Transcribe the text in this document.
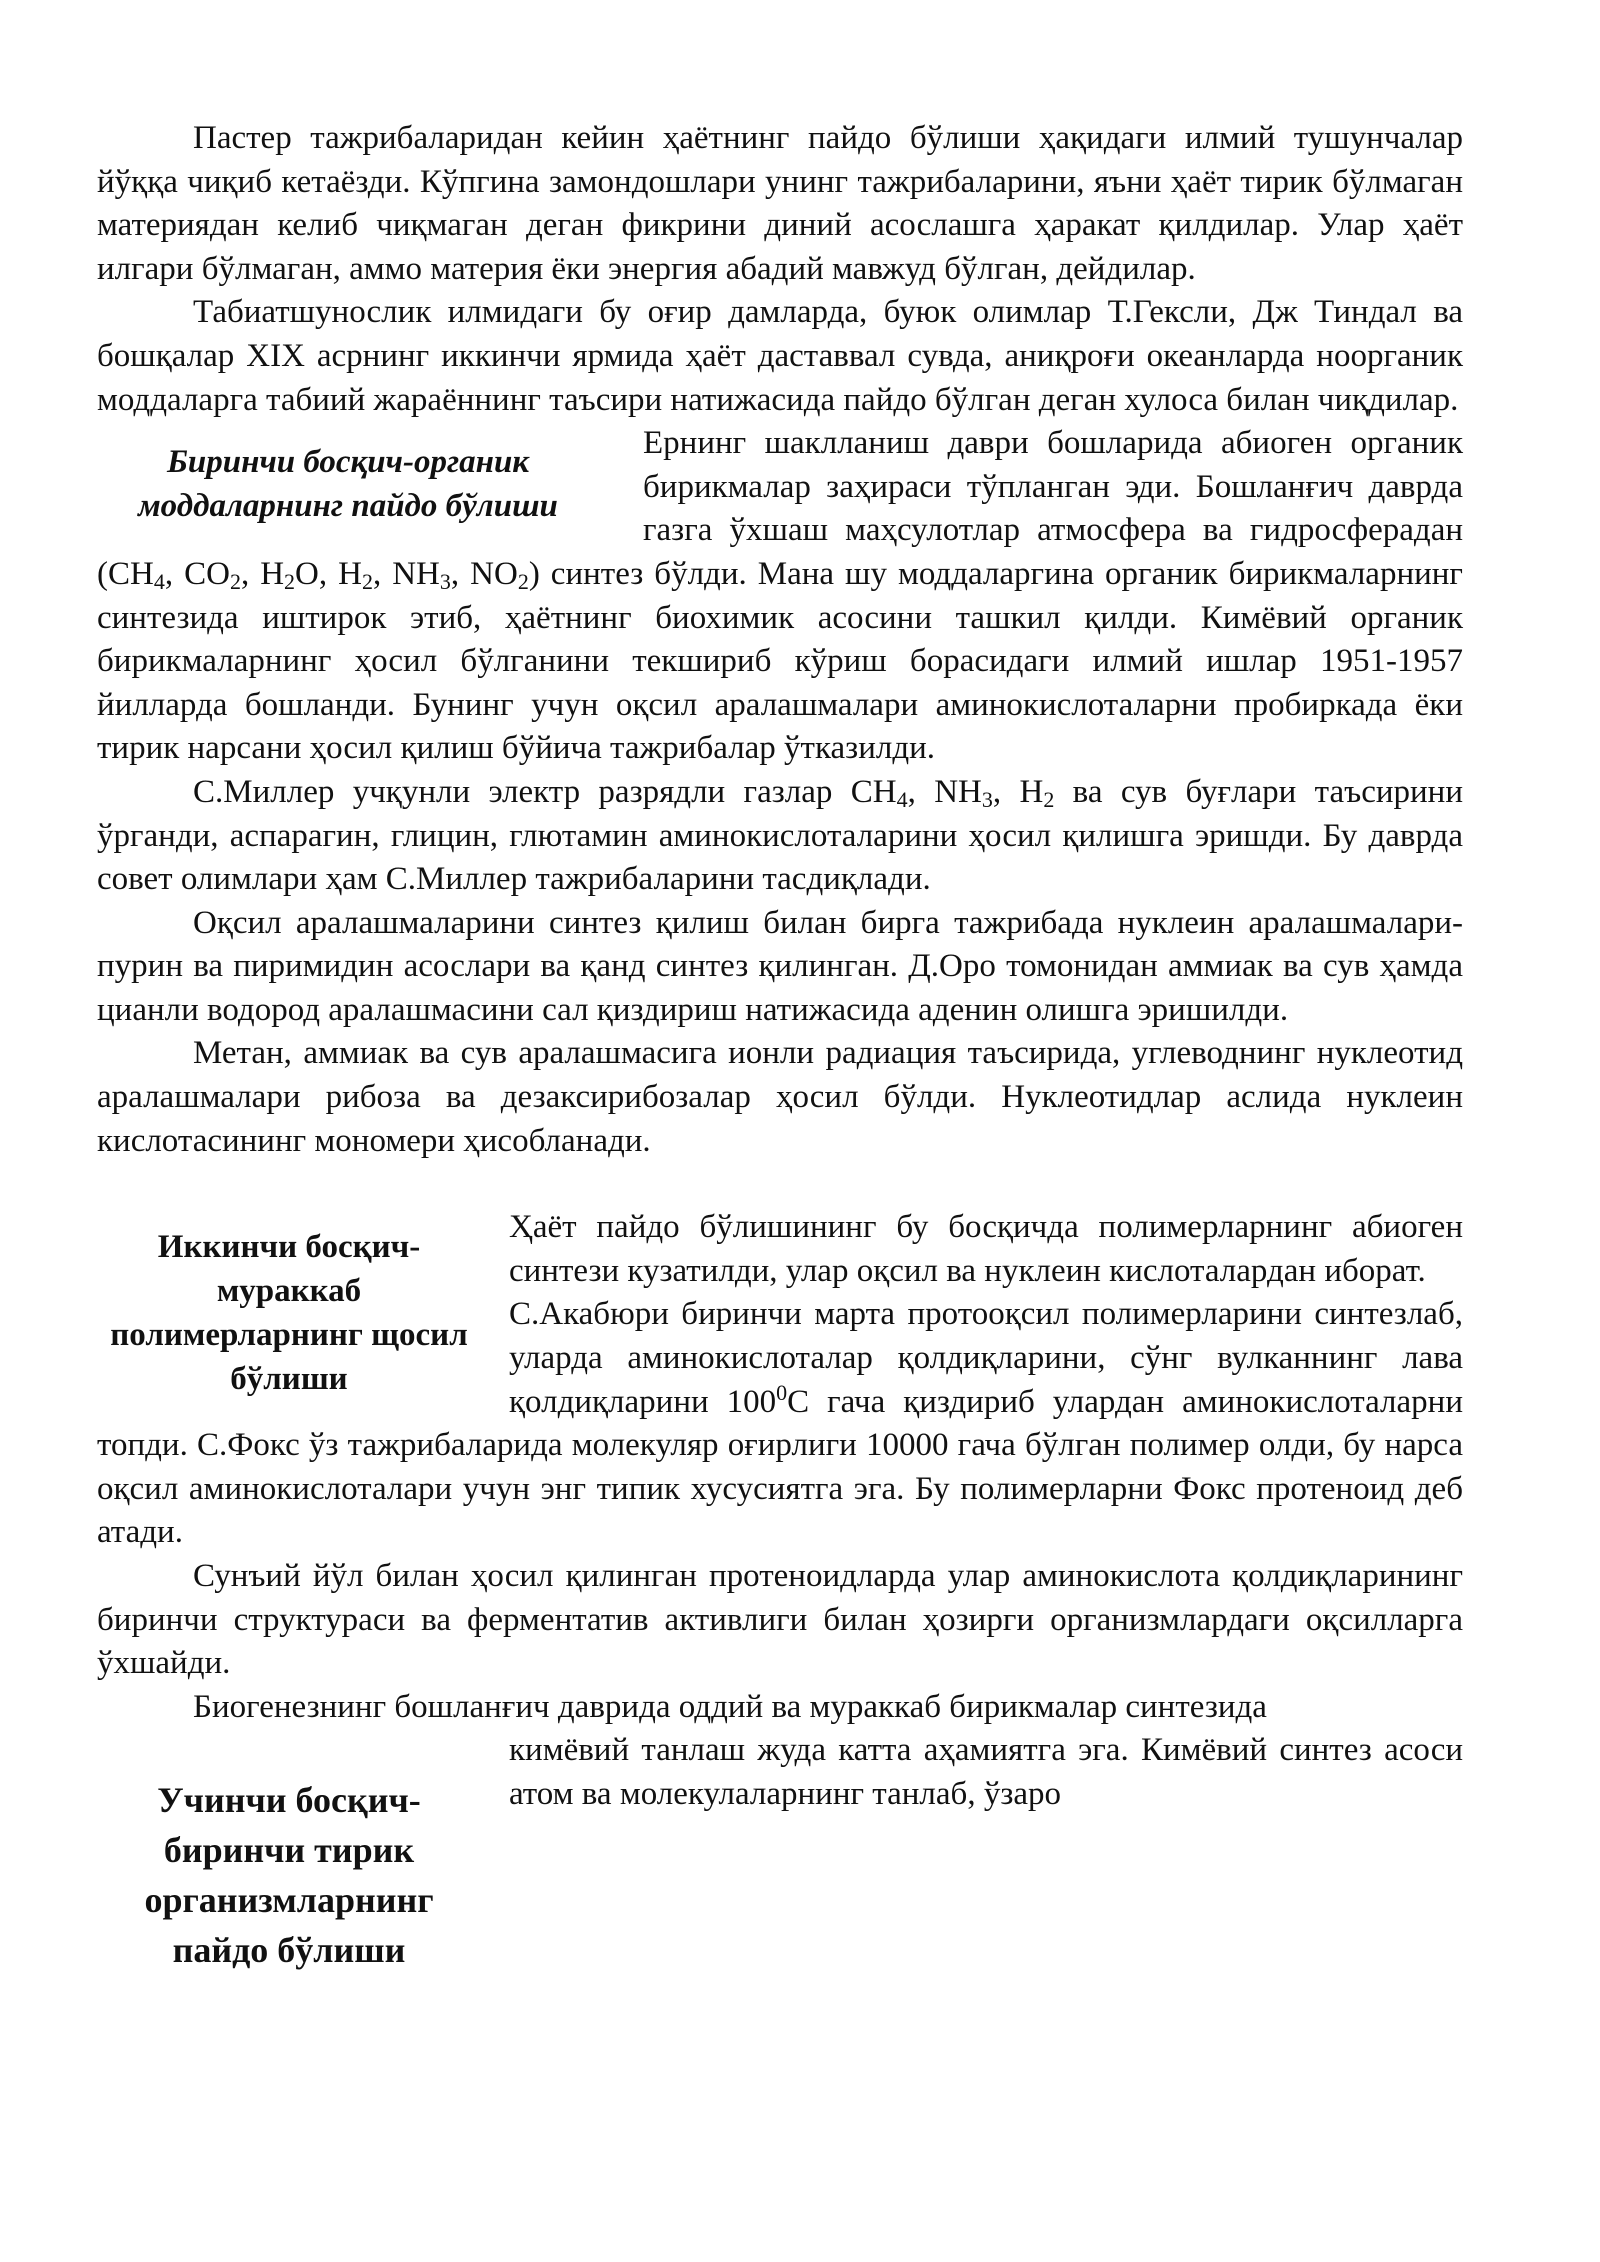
Пастер тажрибаларидан кейин ҳаётнинг пайдо бўлиши ҳақидаги илмий тушунчалар йўққа чиқиб кетаёзди. Кўпгина замондошлари унинг тажрибаларини, яъни ҳаёт тирик бўлмаган материядан келиб чиқмаган деган фикрини диний асослашга ҳаракат қилдилар. Улар ҳаёт илгари бўлмаган, аммо материя ёки энергия абадий мавжуд бўлган, дейдилар.

Табиатшунослик илмидаги бу оғир дамларда, буюк олимлар Т.Гексли, Дж Тиндал ва бошқалар XIX асрнинг иккинчи ярмида ҳаёт даставвал сувда, аниқроғи океанларда ноорганик моддаларга табиий жараённинг таъсири натижасида пайдо бўлган деган хулоса билан чиқдилар.

Биринчи босқич-органик моддаларнинг пайдо бўлиши

Ернинг шаклланиш даври бошларида абиоген органик бирикмалар заҳираси тўпланган эди. Бошланғич даврда газга ўхшаш маҳсулотлар атмосфера ва гидросферадан ($CH_4$, $CO_2$, $H_2O$, $H_2$, $NH_3$, $NO_2$) синтез бўлди. Мана шу моддаларгина органик бирикмаларнинг синтезида иштирок этиб, ҳаётнинг биохимик асосини ташкил қилди. Кимёвий органик бирикмаларнинг ҳосил бўлганини текшириб кўриш борасидаги илмий ишлар 1951-1957 йилларда бошланди. Бунинг учун оқсил аралашмалари аминокислоталарни пробиркада ёки тирик нарсани ҳосил қилиш бўйича тажрибалар ўтказилди.

С.Миллер учқунли электр разрядли газлар $CH_4$, $NH_3$, $H_2$ ва сув буғлари таъсирини ўрганди, аспарагин, глицин, глютамин аминокислоталарини ҳосил қилишга эришди. Бу даврда совет олимлари ҳам С.Миллер тажрибаларини тасдиқлади.

Оқсил аралашмаларини синтез қилиш билан бирга тажрибада нуклеин аралашмалари-пурин ва пиримидин асослари ва қанд синтез қилинган. Д.Оро томонидан аммиак ва сув ҳамда цианли водород аралашмасини сал қиздириш натижасида аденин олишга эришилди.

Метан, аммиак ва сув аралашмасига ионли радиация таъсирида, углеводнинг нуклеотид аралашмалари рибоза ва дезаксирибозалар ҳосил бўлди. Нуклеотидлар аслида нуклеин кислотасининг мономери ҳисобланади.

Иккинчи босқич-мураккаб полимерларнинг щосил бўлиши

Ҳаёт пайдо бўлишининг бу босқичда полимерларнинг абиоген синтези кузатилди, улар оқсил ва нуклеин кислоталардан иборат.

С.Акабюри биринчи марта протооқсил полимерларини синтезлаб, уларда аминокислоталар қолдиқларини, сўнг вулканнинг лава қолдиқларини $100^0С$ гача қиздириб улардан аминокислоталарни топди. С.Фокс ўз тажрибаларида молекуляр оғирлиги 10000 гача бўлган полимер олди, бу нарса оқсил аминокислоталари учун энг типик хусусиятга эга. Бу полимерларни Фокс протеноид деб атади.

Сунъий йўл билан ҳосил қилинган протеноидларда улар аминокислота қолдиқларининг биринчи структураси ва ферментатив активлиги билан ҳозирги организмлардаги оқсилларга ўхшайди.

Биогенезнинг бошланғич даврида оддий ва мураккаб бирикмалар синтезида

Учинчи босқич-биринчи тирик организмларнинг пайдо бўлиши

кимёвий танлаш жуда катта аҳамиятга эга. Кимёвий синтез асоси атом ва молекулаларнинг танлаб, ўзаро
